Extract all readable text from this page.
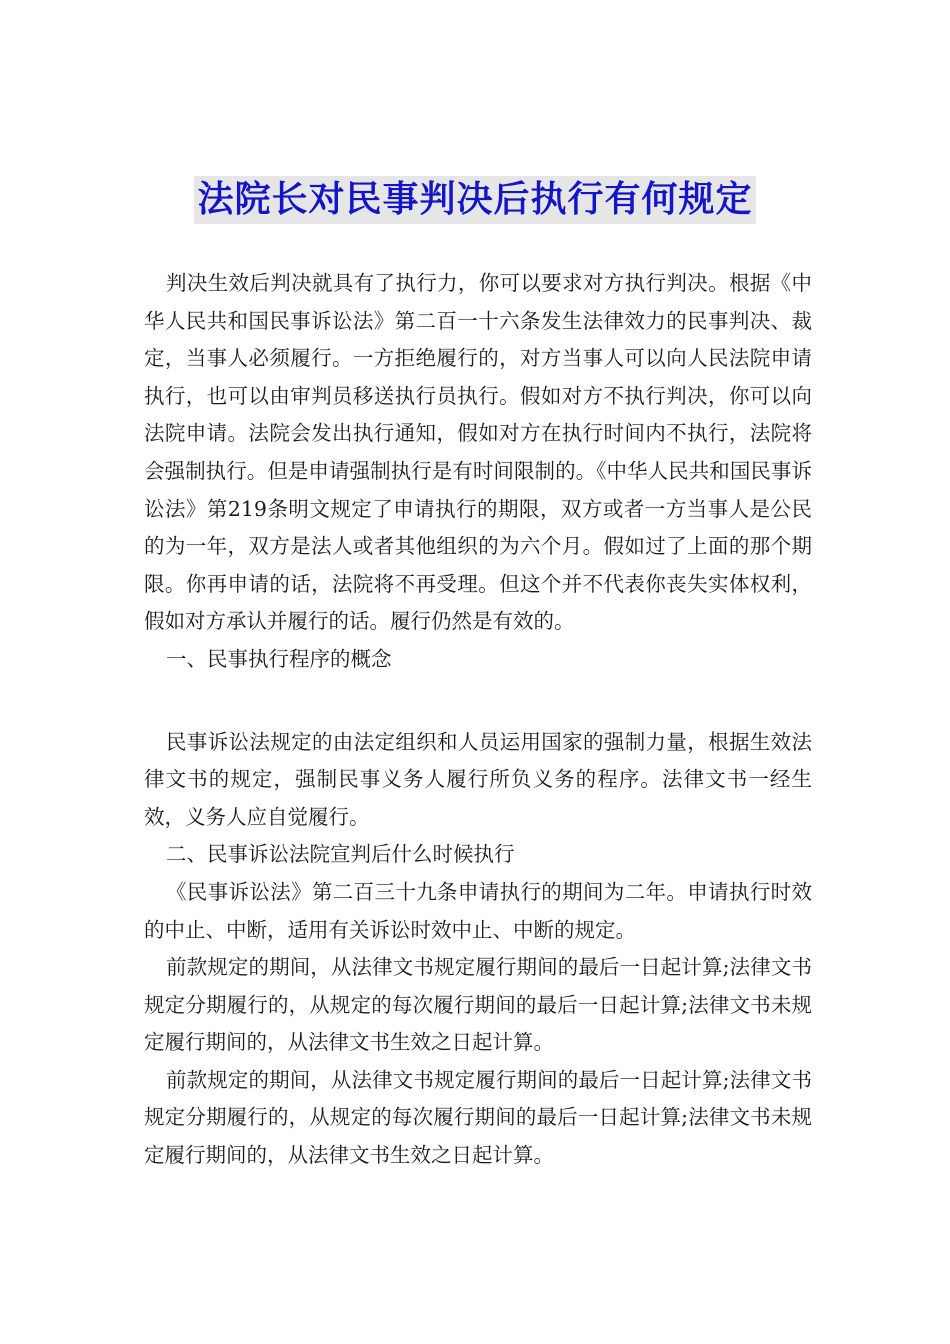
法院长对民事判决后执行有何规定

判决生效后判决就具有了执行力，你可以要求对方执行判决。根据《中华人民共和国民事诉讼法》第二百一十六条发生法律效力的民事判决、裁定，当事人必须履行。一方拒绝履行的，对方当事人可以向人民法院申请执行，也可以由审判员移送执行员执行。假如对方不执行判决，你可以向法院申请。法院会发出执行通知，假如对方在执行时间内不执行，法院将会强制执行。但是申请强制执行是有时间限制的。《中华人民共和国民事诉讼法》第219条明文规定了申请执行的期限，双方或者一方当事人是公民的为一年，双方是法人或者其他组织的为六个月。假如过了上面的那个期限。你再申请的话，法院将不再受理。但这个并不代表你丧失实体权利，假如对方承认并履行的话。履行仍然是有效的。

一、民事执行程序的概念

民事诉讼法规定的由法定组织和人员运用国家的强制力量，根据生效法律文书的规定，强制民事义务人履行所负义务的程序。法律文书一经生效，义务人应自觉履行。

二、民事诉讼法院宣判后什么时候执行

《民事诉讼法》第二百三十九条申请执行的期间为二年。申请执行时效的中止、中断，适用有关诉讼时效中止、中断的规定。

前款规定的期间，从法律文书规定履行期间的最后一日起计算;法律文书规定分期履行的，从规定的每次履行期间的最后一日起计算;法律文书未规定履行期间的，从法律文书生效之日起计算。

前款规定的期间，从法律文书规定履行期间的最后一日起计算;法律文书规定分期履行的，从规定的每次履行期间的最后一日起计算;法律文书未规定履行期间的，从法律文书生效之日起计算。
